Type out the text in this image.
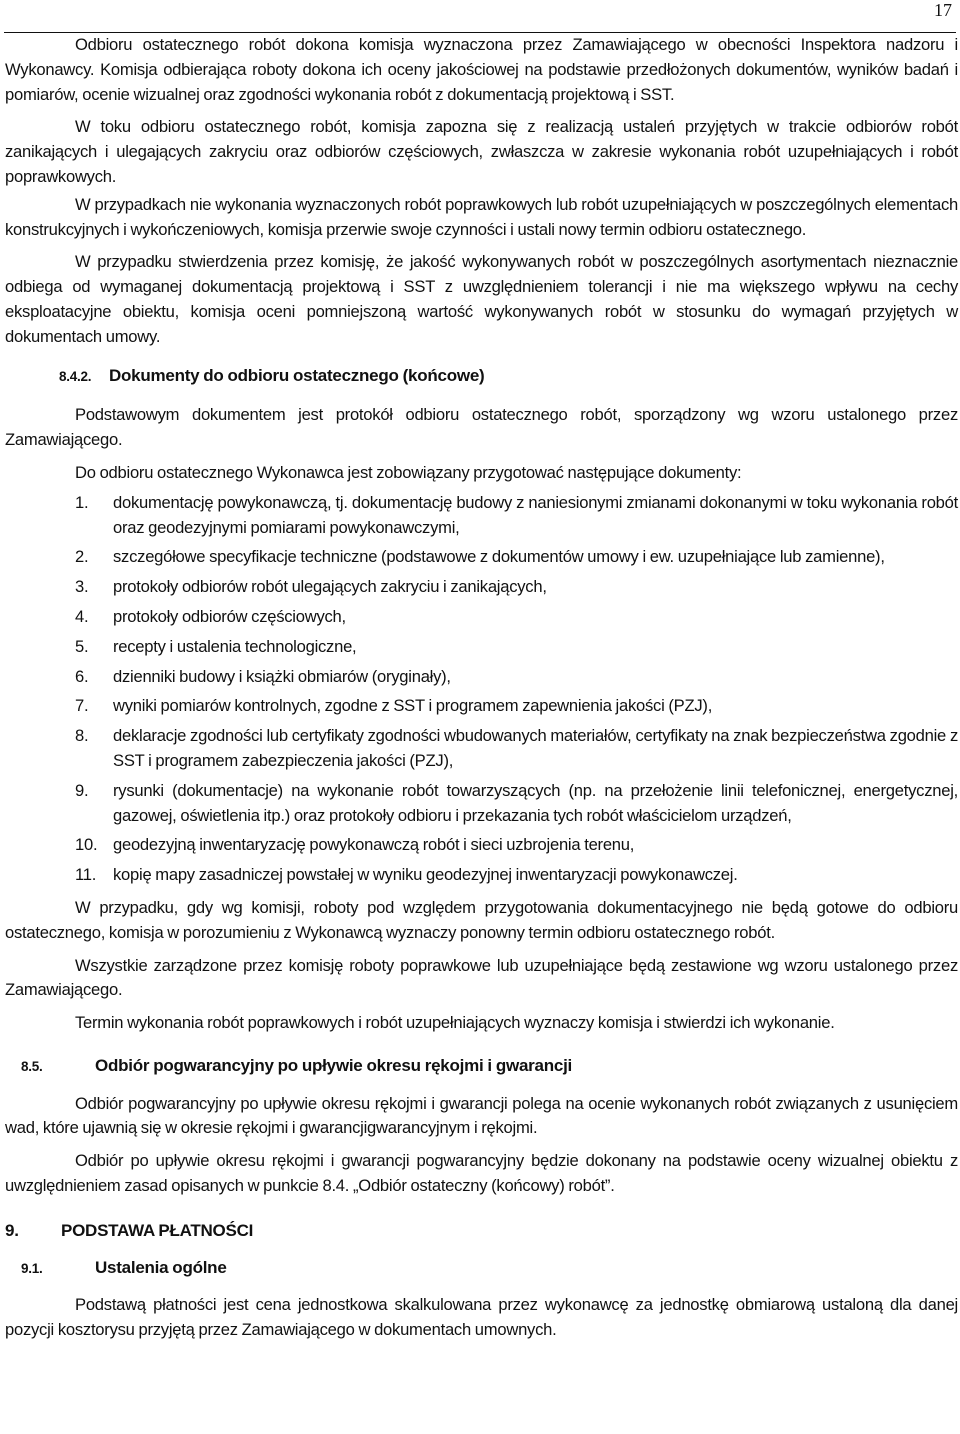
17

Odbioru ostatecznego robót dokona komisja wyznaczona przez Zamawiającego w obecności Inspektora nadzoru i Wykonawcy. Komisja odbierająca roboty dokona ich oceny jakościowej na podstawie przedłożonych dokumentów, wyników badań i pomiarów, ocenie wizualnej oraz zgodności wykonania robót z dokumentacją projektową i SST.

W toku odbioru ostatecznego robót, komisja zapozna się z realizacją ustaleń przyjętych w trakcie odbiorów robót zanikających i ulegających zakryciu oraz odbiorów częściowych, zwłaszcza w zakresie wykonania robót uzupełniających i robót poprawkowych.

W przypadkach nie wykonania wyznaczonych robót poprawkowych lub robót uzupełniających w poszczególnych elementach konstrukcyjnych i wykończeniowych, komisja przerwie swoje czynności i ustali nowy termin odbioru ostatecznego.

W przypadku stwierdzenia przez komisję, że jakość wykonywanych robót w poszczególnych asortymentach nieznacznie odbiega od wymaganej dokumentacją projektową i SST z uwzględnieniem tolerancji i nie ma większego wpływu na cechy eksploatacyjne obiektu, komisja oceni pomniejszoną wartość wykonywanych robót w stosunku do wymagań przyjętych w dokumentach umowy.

8.4.2.	Dokumenty do odbioru ostatecznego (końcowe)

Podstawowym dokumentem jest protokół odbioru ostatecznego robót, sporządzony wg wzoru ustalonego przez Zamawiającego.

Do odbioru ostatecznego Wykonawca jest zobowiązany przygotować następujące dokumenty:

1.	dokumentację powykonawczą, tj. dokumentację budowy z naniesionymi zmianami dokonanymi w toku wykonania robót oraz geodezyjnymi pomiarami powykonawczymi,
2.	szczegółowe specyfikacje techniczne (podstawowe z dokumentów umowy i ew. uzupełniające lub zamienne),
3.	protokoły odbiorów robót ulegających zakryciu i zanikających,
4.	protokoły odbiorów częściowych,
5.	recepty i ustalenia technologiczne,
6.	dzienniki budowy i książki obmiarów (oryginały),
7.	wyniki pomiarów kontrolnych, zgodne z SST i programem zapewnienia jakości (PZJ),
8.	deklaracje zgodności lub certyfikaty zgodności wbudowanych materiałów, certyfikaty na znak bezpieczeństwa zgodnie z SST i programem zabezpieczenia jakości (PZJ),
9.	rysunki (dokumentacje) na wykonanie robót towarzyszących (np. na przełożenie linii telefonicznej, energetycznej, gazowej, oświetlenia itp.) oraz protokoły odbioru i przekazania tych robót właścicielom urządzeń,
10. geodezyjną inwentaryzację powykonawczą robót i sieci uzbrojenia terenu,
11.	kopię mapy zasadniczej powstałej w wyniku geodezyjnej inwentaryzacji powykonawczej.

W przypadku, gdy wg komisji, roboty pod względem przygotowania dokumentacyjnego nie będą gotowe do odbioru ostatecznego, komisja w porozumieniu z Wykonawcą wyznaczy ponowny termin odbioru ostatecznego robót.

Wszystkie zarządzone przez komisję roboty poprawkowe lub uzupełniające będą zestawione wg wzoru ustalonego przez Zamawiającego.

Termin wykonania robót poprawkowych i robót uzupełniających wyznaczy komisja i stwierdzi ich wykonanie.

8.5.	Odbiór pogwarancyjny po upływie okresu rękojmi i gwarancji

Odbiór pogwarancyjny po upływie okresu rękojmi i gwarancji polega na ocenie wykonanych robót związanych z usunięciem wad, które ujawnią się w okresie rękojmi i gwarancjigwarancyjnym i rękojmi.

Odbiór po upływie okresu rękojmi i gwarancji pogwarancyjny będzie dokonany na podstawie oceny wizualnej obiektu z uwzględnieniem zasad opisanych w punkcie 8.4. „Odbiór ostateczny (końcowy) robót”.

9.	PODSTAWA PŁATNOŚCI
9.1.	Ustalenia ogólne

Podstawą płatności jest cena jednostkowa skalkulowana przez wykonawcę za jednostkę obmiarową ustaloną dla danej pozycji kosztorysu przyjętą przez Zamawiającego w dokumentach umownych.
